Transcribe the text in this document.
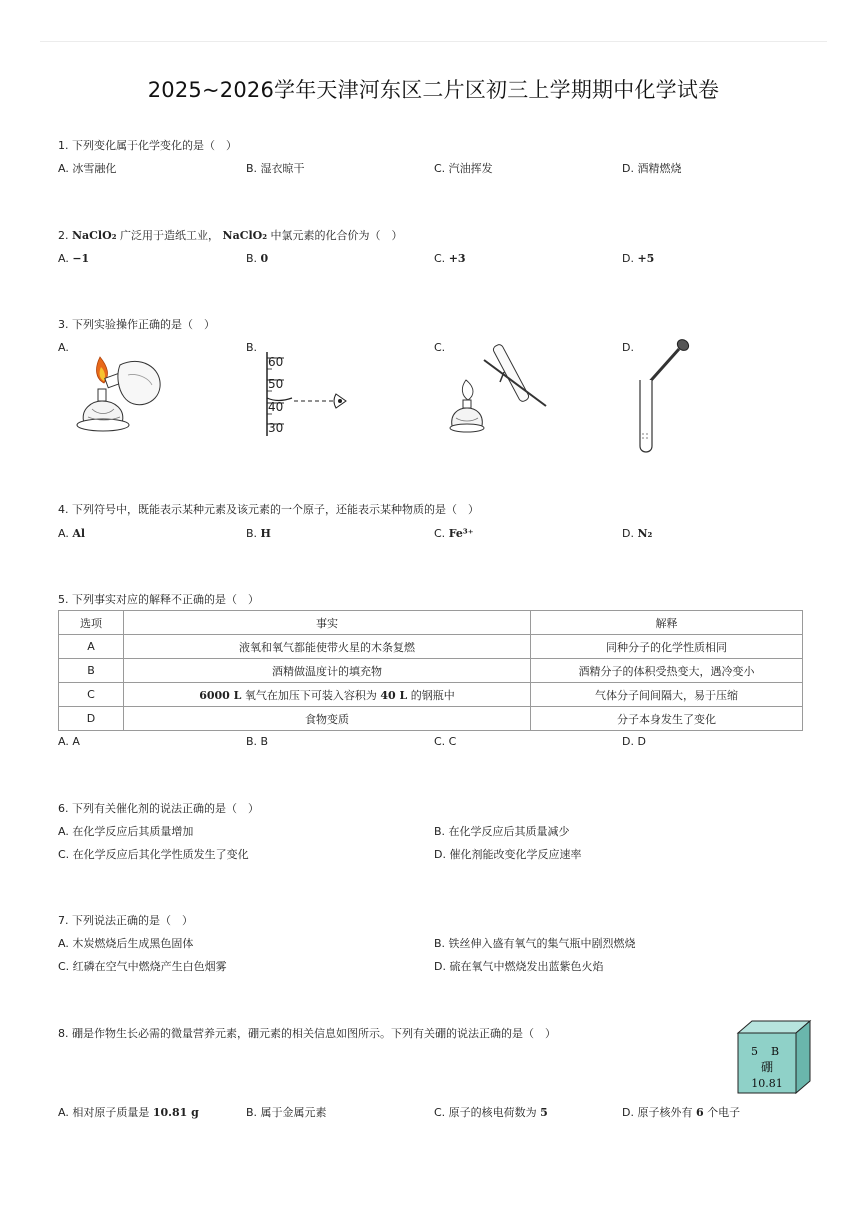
2025~2026学年天津河东区二片区初三上学期期中化学试卷
1. 下列变化属于化学变化的是（　）
A. 冰雪融化	B. 湿衣晾干	C. 汽油挥发	D. 酒精燃烧
2. NaClO₂ 广泛用于造纸工业， NaClO₂ 中氯元素的化合价为（　）
A. −1	B. 0	C. +3	D. +5
3. 下列实验操作正确的是（　）
A.	B.	C.	D.
60
50
40
30
4. 下列符号中，既能表示某种元素及该元素的一个原子，还能表示某种物质的是（　）
A. Al	B. H	C. Fe³⁺	D. N₂
5. 下列事实对应的解释不正确的是（　）
选项	事实	解释
A	液氧和氧气都能使带火星的木条复燃	同种分子的化学性质相同
B	酒精做温度计的填充物	酒精分子的体积受热变大，遇冷变小
C	6000 L 氧气在加压下可装入容积为 40 L 的钢瓶中	气体分子间间隔大，易于压缩
D	食物变质	分子本身发生了变化
A. A	B. B	C. C	D. D
6. 下列有关催化剂的说法正确的是（　）
A. 在化学反应后其质量增加	B. 在化学反应后其质量减少
C. 在化学反应后其化学性质发生了变化	D. 催化剂能改变化学反应速率
7. 下列说法正确的是（　）
A. 木炭燃烧后生成黑色固体	B. 铁丝伸入盛有氧气的集气瓶中剧烈燃烧
C. 红磷在空气中燃烧产生白色烟雾	D. 硫在氧气中燃烧发出蓝紫色火焰
8. 硼是作物生长必需的微量营养元素，硼元素的相关信息如图所示。下列有关硼的说法正确的是（　）
5 B
硼
10.81
A. 相对原子质量是 10.81 g	B. 属于金属元素	C. 原子的核电荷数为 5	D. 原子核外有 6 个电子
